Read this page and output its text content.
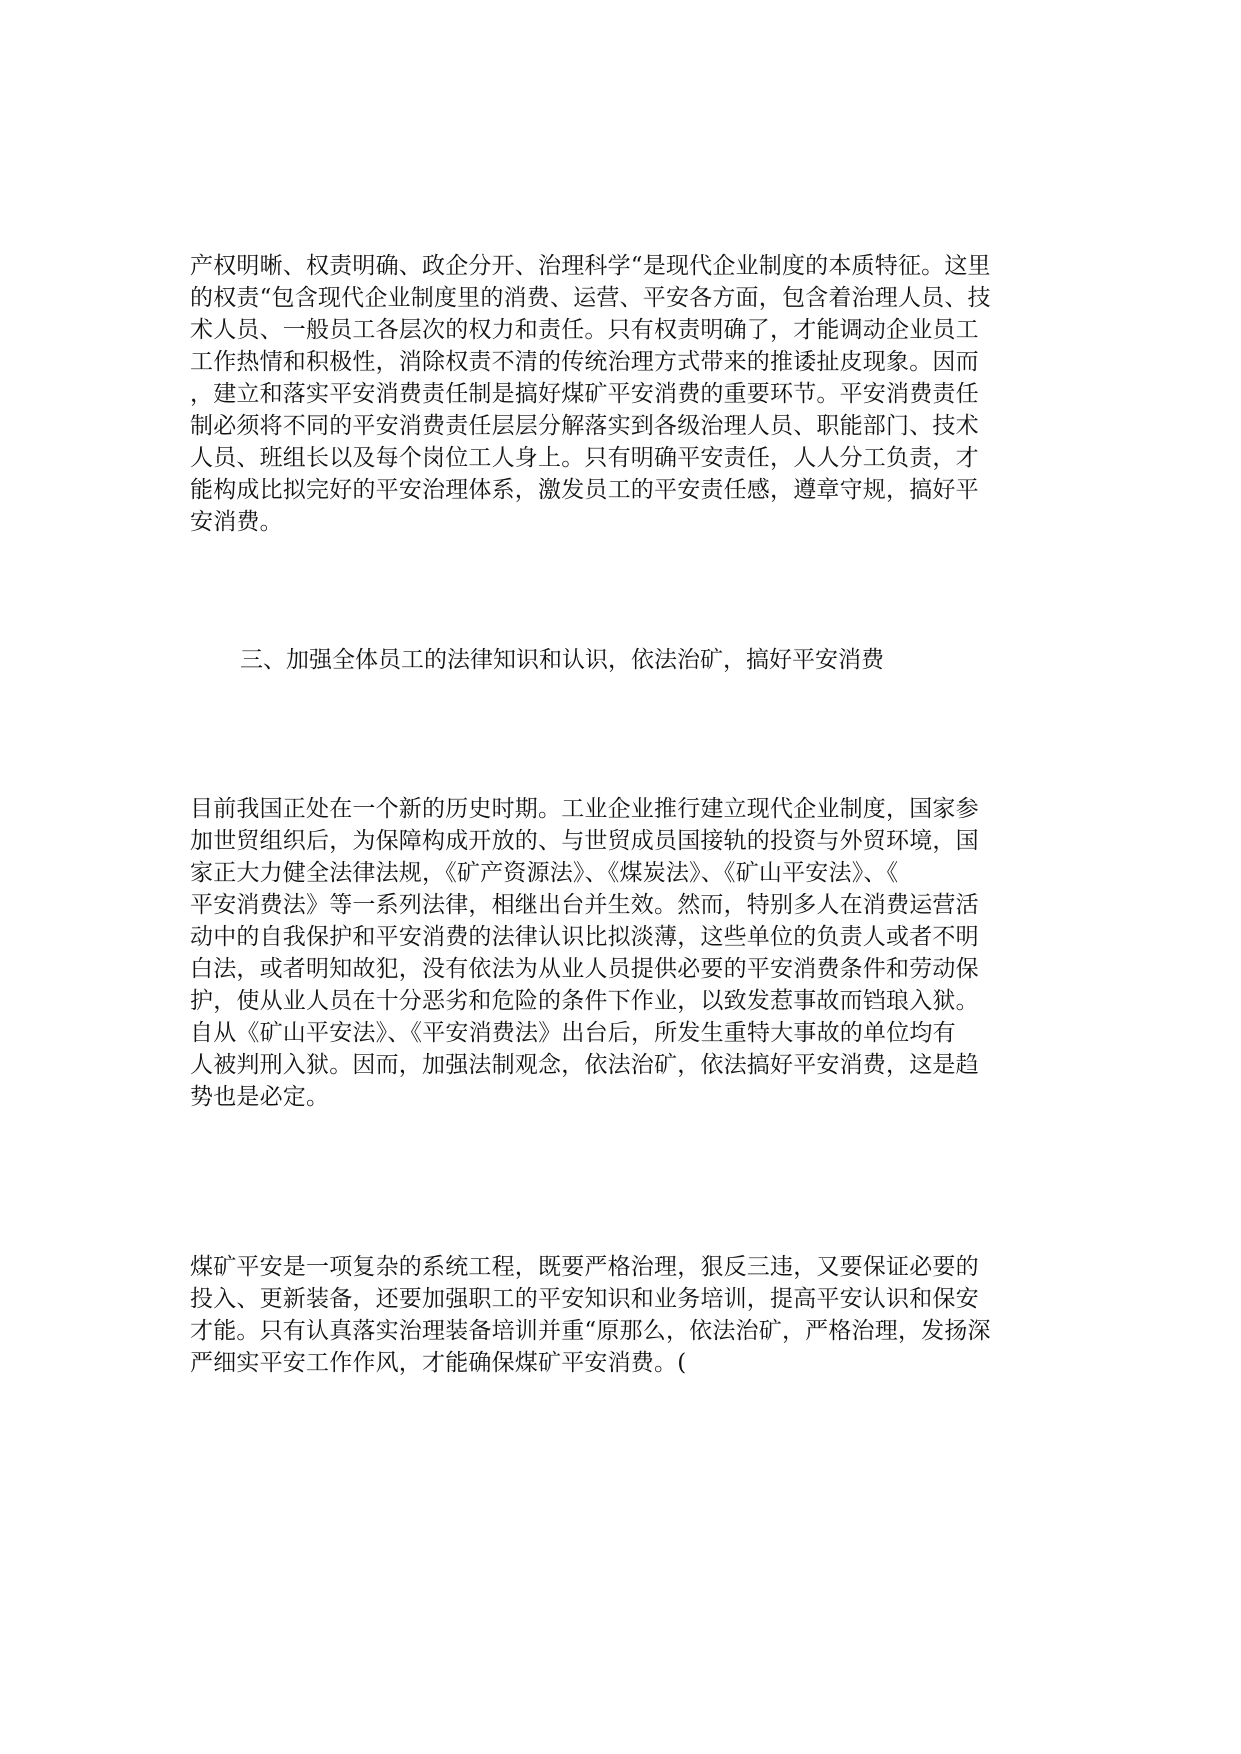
产权明晰、权责明确、政企分开、治理科学“是现代企业制度的本质特征。这里
的权责“包含现代企业制度里的消费、运营、平安各方面，包含着治理人员、技
术人员、一般员工各层次的权力和责任。只有权责明确了，才能调动企业员工
工作热情和积极性，消除权责不清的传统治理方式带来的推诿扯皮现象。因而
，建立和落实平安消费责任制是搞好煤矿平安消费的重要环节。平安消费责任
制必须将不同的平安消费责任层层分解落实到各级治理人员、职能部门、技术
人员、班组长以及每个岗位工人身上。只有明确平安责任，人人分工负责，才
能构成比拟完好的平安治理体系，激发员工的平安责任感，遵章守规，搞好平
安消费。

三、加强全体员工的法律知识和认识，依法治矿，搞好平安消费

目前我国正处在一个新的历史时期。工业企业推行建立现代企业制度，国家参
加世贸组织后，为保障构成开放的、与世贸成员国接轨的投资与外贸环境，国
家正大力健全法律法规，《矿产资源法》、《煤炭法》、《矿山平安法》、《
平安消费法》等一系列法律，相继出台并生效。然而，特别多人在消费运营活
动中的自我保护和平安消费的法律认识比拟淡薄，这些单位的负责人或者不明
白法，或者明知故犯，没有依法为从业人员提供必要的平安消费条件和劳动保
护，使从业人员在十分恶劣和危险的条件下作业，以致发惹事故而铛琅入狱。
自从《矿山平安法》、《平安消费法》出台后，所发生重特大事故的单位均有
人被判刑入狱。因而，加强法制观念，依法治矿，依法搞好平安消费，这是趋
势也是必定。

煤矿平安是一项复杂的系统工程，既要严格治理，狠反三违，又要保证必要的
投入、更新装备，还要加强职工的平安知识和业务培训，提高平安认识和保安
才能。只有认真落实治理装备培训并重“原那么，依法治矿，严格治理，发扬深
严细实平安工作作风，才能确保煤矿平安消费。(
